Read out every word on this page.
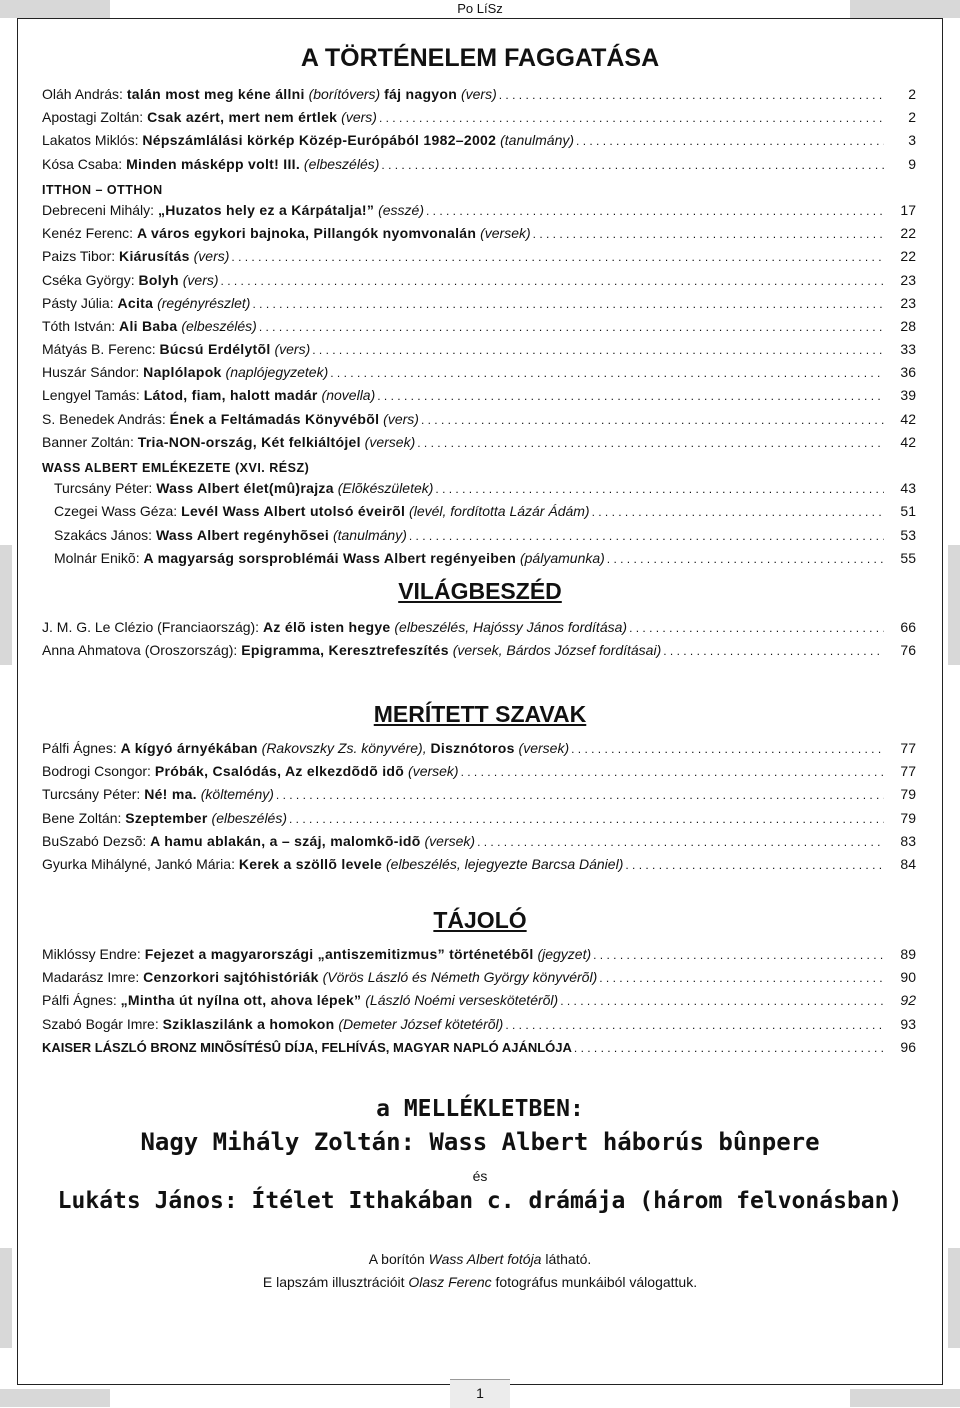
Po LíSz
A TÖRTÉNELEM FAGGATÁSA
Oláh András: talán most meg kéne állni (borítóvers) fáj nagyon (vers) . . .	2
Apostagi Zoltán: Csak azért, mert nem értlek (vers) . . .	2
Lakatos Miklós: Népszámlálási körkép Közép-Európából 1982–2002 (tanulmány) . . .	3
Kósa Csaba: Minden másképp volt! III. (elbeszélés) . . .	9
ITTHON – OTTHON
Debreceni Mihály: „Huzatos hely ez a Kárpátalja!” (esszé) . . .	17
Kenéz Ferenc: A város egykori bajnoka, Pillangók nyomvonalán (versek) . . .	22
Paizs Tibor: Kiárusítás (vers) . . .	22
Cséka György: Bolyh (vers) . . .	23
Pásty Júlia: Acita (regényrészlet) . . .	23
Tóth István: Ali Baba (elbeszélés) . . .	28
Mátyás B. Ferenc: Búcsú Erdélytõl (vers) . . .	33
Huszár Sándor: Naplólapok (naplójegyzetek) . . .	36
Lengyel Tamás: Látod, fiam, halott madár (novella) . . .	39
S. Benedek András: Ének a Feltámadás Könyvébõl (vers) . . .	42
Banner Zoltán: Tria-NON-ország, Két felkiáltójel (versek) . . .	42
WASS ALBERT EMLÉKEZETE (XVI. RÉSZ)
Turcsány Péter: Wass Albert élet(mû)rajza (Elõkészületek) . . .	43
Czegei Wass Géza: Levél Wass Albert utolsó éveirõl (levél, fordította Lázár Ádám) . . .	51
Szakács János: Wass Albert regényhõsei (tanulmány) . . .	53
Molnár Enikõ: A magyarság sorsproblémái Wass Albert regényeiben (pályamunka) . . .	55
VILÁGBESZÉD
J. M. G. Le Clézio (Franciaország): Az élõ isten hegye (elbeszélés, Hajóssy János fordítása) . . .	66
Anna Ahmatova (Oroszország): Epigramma, Keresztrefeszítés (versek, Bárdos József fordításai) . . .	76
MERÍTETT SZAVAK
Pálfi Ágnes: A kígyó árnyékában (Rakovszky Zs. könyvére), Disznótoros (versek) . . .	77
Bodrogi Csongor: Próbák, Csalódás, Az elkezdõdõ idõ (versek) . . .	77
Turcsány Péter: Né! ma. (költemény) . . .	79
Bene Zoltán: Szeptember (elbeszélés) . . .	79
BuSzabó Dezsõ: A hamu ablakán, a – száj, malomkõ-idõ (versek) . . .	83
Gyurka Mihályné, Jankó Mária: Kerek a szöllõ levele (elbeszélés, lejegyezte Barcsa Dániel) . . .	84
TÁJOLÓ
Miklóssy Endre: Fejezet a magyarországi „antiszemitizmus” történetébõl (jegyzet) . . .	89
Madarász Imre: Cenzorkori sajtóhistóriák (Vörös László és Németh György könyvérõl) . . .	90
Pálfi Ágnes: „Mintha út nyílna ott, ahova lépek” (László Noémi verseskötetérõl) . . .	92
Szabó Bogár Imre: Sziklaszilánk a homokon (Demeter József kötetérõl) . . .	93
KAISER LÁSZLÓ BRONZ MINÕSÍTÉSÛ DÍJA, FELHÍVÁS, MAGYAR NAPLÓ AJÁNLÓJA . . .	96
a MELLÉKLETBEN:
Nagy Mihály Zoltán: Wass Albert háborús bûnpere
és
Lukáts János: Ítélet Ithakában c. drámája (három felvonásban)
A borítón Wass Albert fotója látható.
E lapszám illusztrációit Olasz Ferenc fotográfus munkáiból válogattuk.
1
